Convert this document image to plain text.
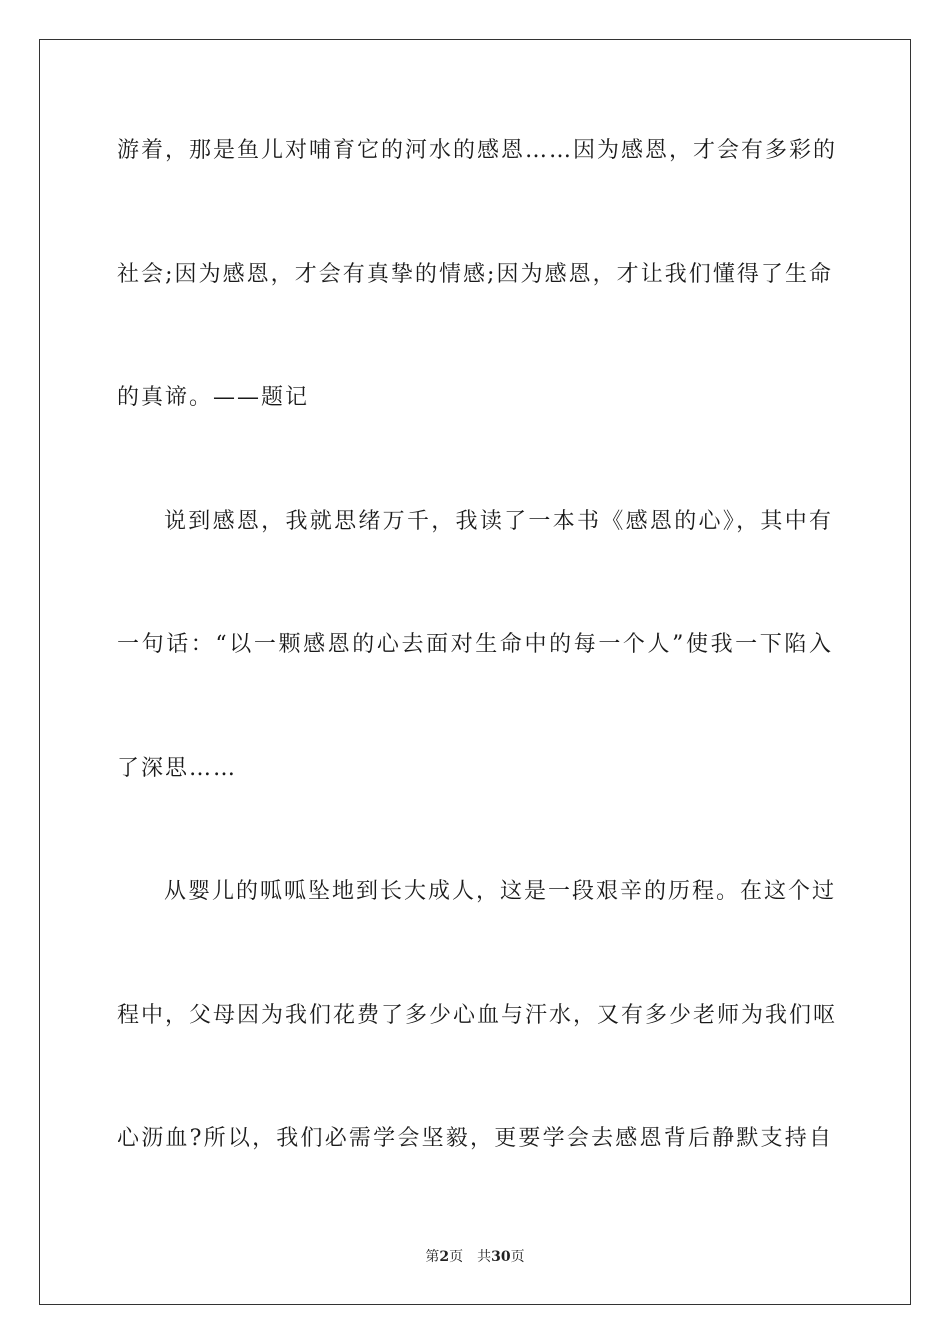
游着，那是鱼儿对哺育它的河水的感恩……因为感恩，才会有多彩的
社会;因为感恩，才会有真挚的情感;因为感恩，才让我们懂得了生命
的真谛。——题记
说到感恩，我就思绪万千，我读了一本书《感恩的心》，其中有
一句话：“以一颗感恩的心去面对生命中的每一个人”使我一下陷入
了深思……
从婴儿的呱呱坠地到长大成人，这是一段艰辛的历程。在这个过
程中，父母因为我们花费了多少心血与汗水，又有多少老师为我们呕
心沥血?所以，我们必需学会坚毅，更要学会去感恩背后静默支持自
第2页 共30页
